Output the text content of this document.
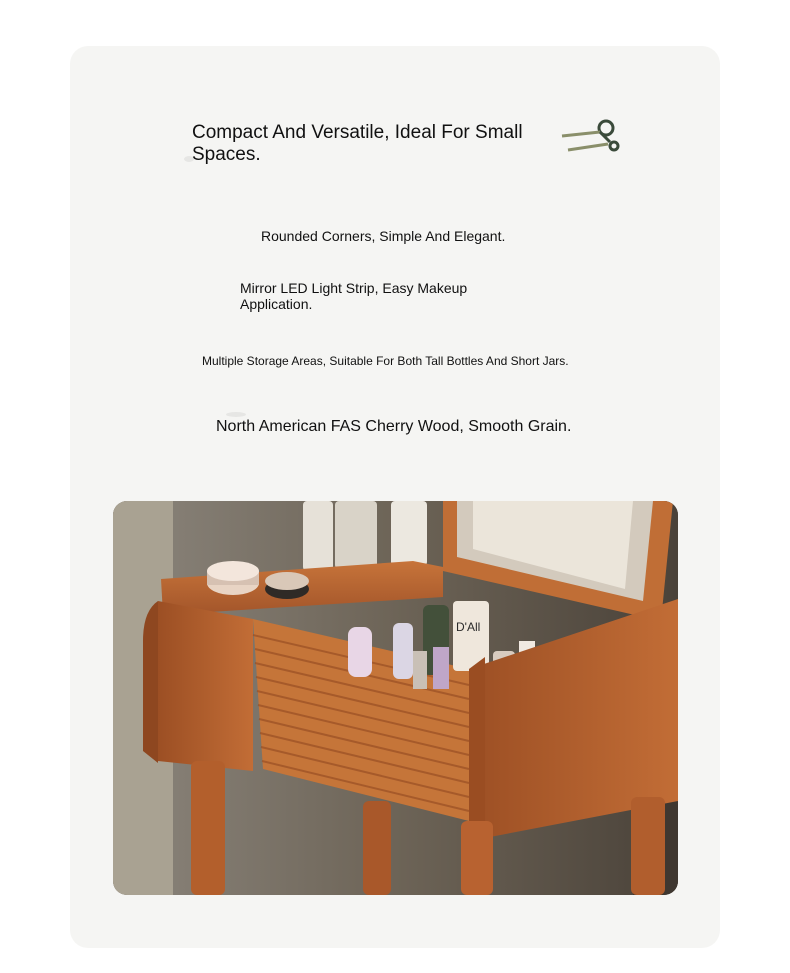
Compact And Versatile, Ideal For Small Spaces.

Rounded Corners, Simple And Elegant.

Mirror LED Light Strip, Easy Makeup Application.

Multiple Storage Areas, Suitable For Both Tall Bottles And Short Jars.

North American FAS Cherry Wood, Smooth Grain.

D'All
